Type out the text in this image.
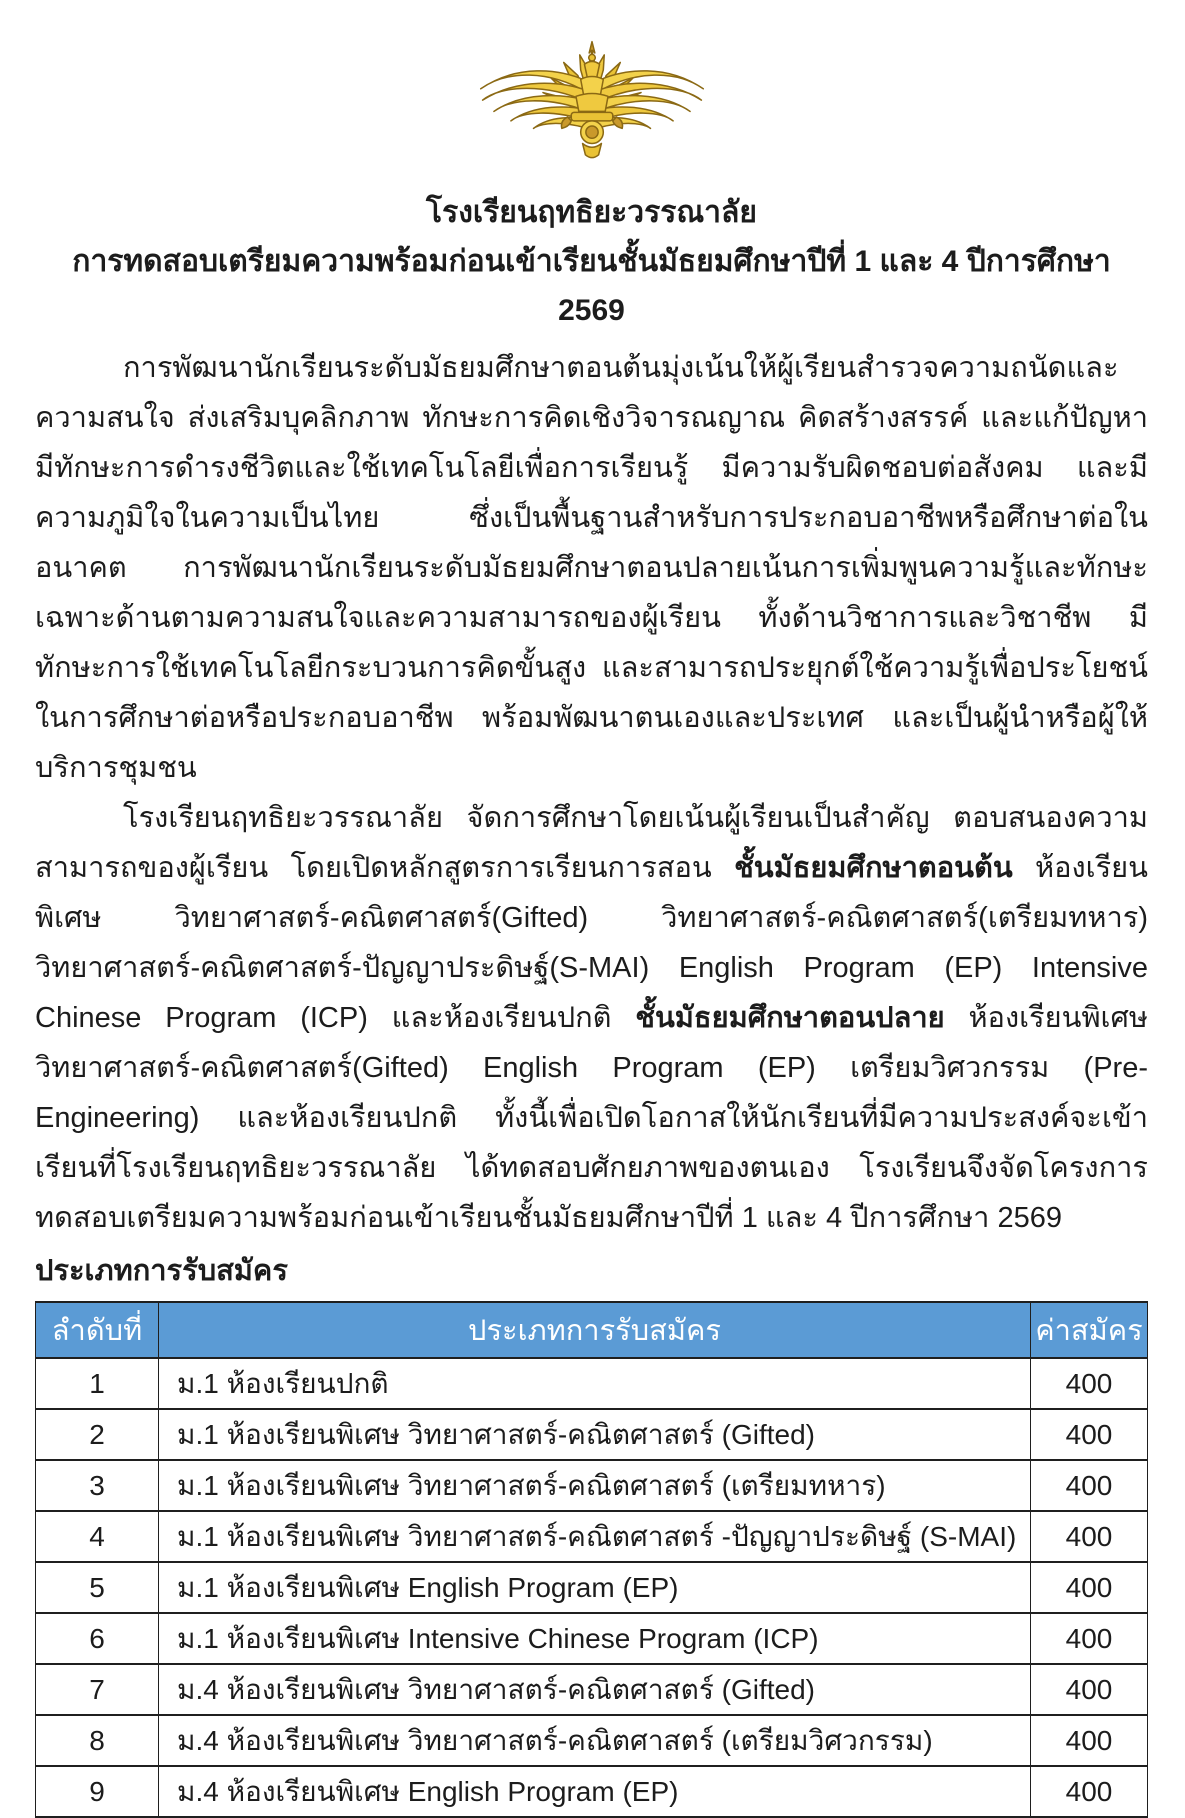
โรงเรียนฤทธิยะวรรณาลัย
การทดสอบเตรียมความพร้อมก่อนเข้าเรียนชั้นมัธยมศึกษาปีที่ 1 และ 4 ปีการศึกษา 2569

การพัฒนานักเรียนระดับมัธยมศึกษาตอนต้นมุ่งเน้นให้ผู้เรียนสำรวจความถนัดและความสนใจ ส่งเสริมบุคลิกภาพ ทักษะการคิดเชิงวิจารณญาณ คิดสร้างสรรค์ และแก้ปัญหา มีทักษะการดำรงชีวิตและใช้เทคโนโลยีเพื่อการเรียนรู้ มีความรับผิดชอบต่อสังคม และมีความภูมิใจในความเป็นไทย ซึ่งเป็นพื้นฐานสำหรับการประกอบอาชีพหรือศึกษาต่อในอนาคต การพัฒนานักเรียนระดับมัธยมศึกษาตอนปลายเน้นการเพิ่มพูนความรู้และทักษะเฉพาะด้านตามความสนใจและความสามารถของผู้เรียน ทั้งด้านวิชาการและวิชาชีพ มีทักษะการใช้เทคโนโลยีกระบวนการคิดขั้นสูง และสามารถประยุกต์ใช้ความรู้เพื่อประโยชน์ในการศึกษาต่อหรือประกอบอาชีพ พร้อมพัฒนาตนเองและประเทศ และเป็นผู้นำหรือผู้ให้บริการชุมชน

โรงเรียนฤทธิยะวรรณาลัย จัดการศึกษาโดยเน้นผู้เรียนเป็นสำคัญ ตอบสนองความสามารถของผู้เรียน โดยเปิดหลักสูตรการเรียนการสอน ชั้นมัธยมศึกษาตอนต้น ห้องเรียนพิเศษ วิทยาศาสตร์-คณิตศาสตร์(Gifted) วิทยาศาสตร์-คณิตศาสตร์(เตรียมทหาร) วิทยาศาสตร์-คณิตศาสตร์-ปัญญาประดิษฐ์(S-MAI) English Program (EP) Intensive Chinese Program (ICP) และห้องเรียนปกติ ชั้นมัธยมศึกษาตอนปลาย ห้องเรียนพิเศษวิทยาศาสตร์-คณิตศาสตร์(Gifted) English Program (EP) เตรียมวิศวกรรม (Pre-Engineering) และห้องเรียนปกติ ทั้งนี้เพื่อเปิดโอกาสให้นักเรียนที่มีความประสงค์จะเข้าเรียนที่โรงเรียนฤทธิยะวรรณาลัย ได้ทดสอบศักยภาพของตนเอง โรงเรียนจึงจัดโครงการทดสอบเตรียมความพร้อมก่อนเข้าเรียนชั้นมัธยมศึกษาปีที่ 1 และ 4 ปีการศึกษา 2569

ประเภทการรับสมัคร
ลำดับที่	ประเภทการรับสมัคร	ค่าสมัคร
1	ม.1 ห้องเรียนปกติ	400
2	ม.1 ห้องเรียนพิเศษ วิทยาศาสตร์-คณิตศาสตร์ (Gifted)	400
3	ม.1 ห้องเรียนพิเศษ วิทยาศาสตร์-คณิตศาสตร์ (เตรียมทหาร)	400
4	ม.1 ห้องเรียนพิเศษ วิทยาศาสตร์-คณิตศาสตร์ -ปัญญาประดิษฐ์ (S-MAI)	400
5	ม.1 ห้องเรียนพิเศษ English Program (EP)	400
6	ม.1 ห้องเรียนพิเศษ Intensive Chinese Program (ICP)	400
7	ม.4 ห้องเรียนพิเศษ วิทยาศาสตร์-คณิตศาสตร์ (Gifted)	400
8	ม.4 ห้องเรียนพิเศษ วิทยาศาสตร์-คณิตศาสตร์ (เตรียมวิศวกรรม)	400
9	ม.4 ห้องเรียนพิเศษ English Program (EP)	400
